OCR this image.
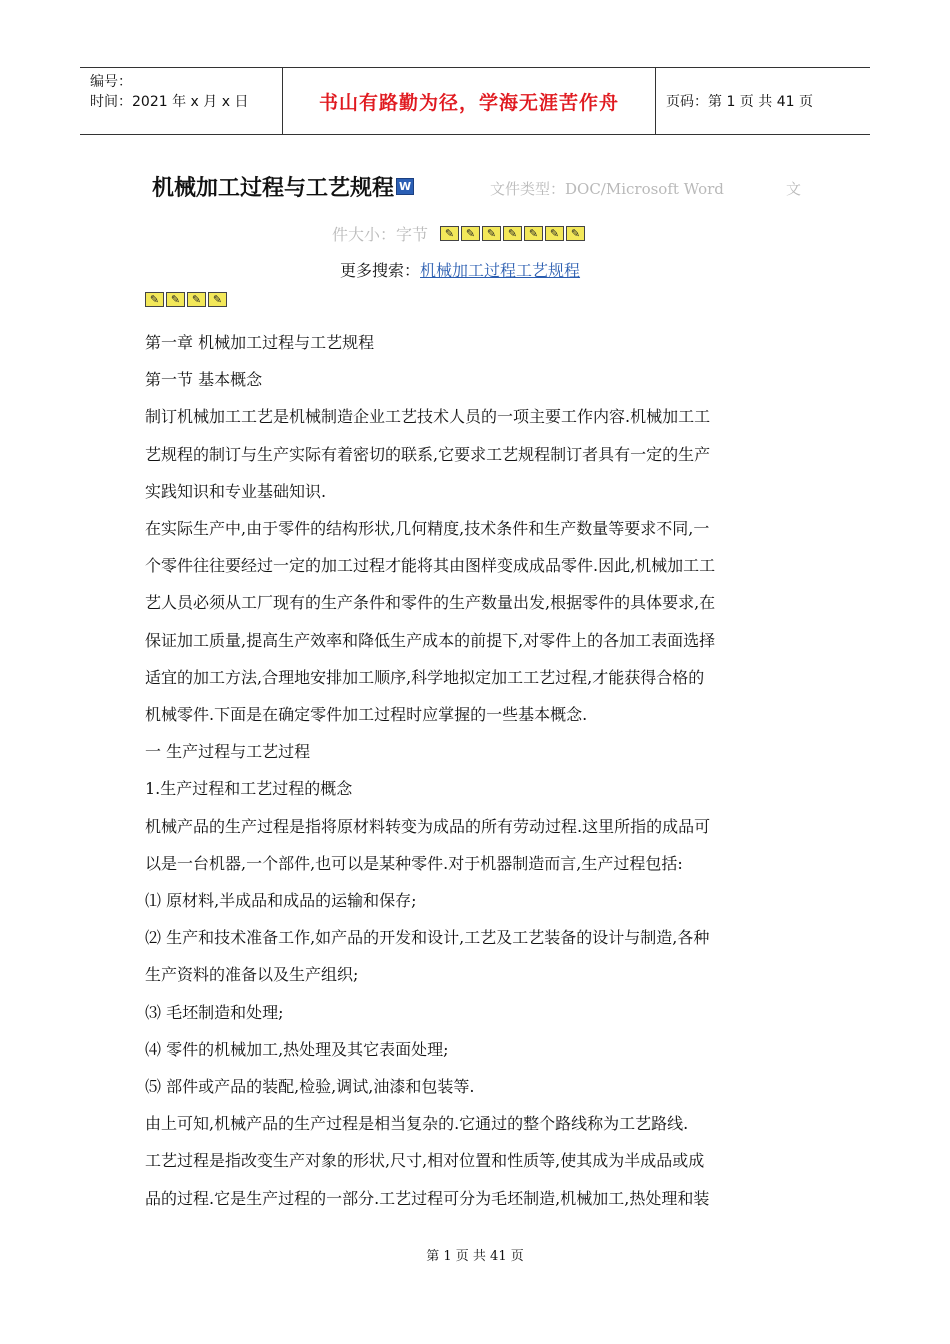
编号：
时间：2021 年 x 月 x 日	书山有路勤为径，学海无涯苦作舟	页码：第 1 页 共 41 页
机械加工过程与工艺规程 W	文件类型：DOC/Microsoft Word	文
件大小：字节	✎	✎	✎	✎	✎	✎	✎
更多搜索：机械加工过程工艺规程
✎	✎	✎	✎

第一章 机械加工过程与工艺规程

第一节 基本概念

制订机械加工工艺是机械制造企业工艺技术人员的一项主要工作内容.机械加工工

艺规程的制订与生产实际有着密切的联系,它要求工艺规程制订者具有一定的生产

实践知识和专业基础知识.

在实际生产中,由于零件的结构形状,几何精度,技术条件和生产数量等要求不同,一

个零件往往要经过一定的加工过程才能将其由图样变成成品零件.因此,机械加工工

艺人员必须从工厂现有的生产条件和零件的生产数量出发,根据零件的具体要求,在

保证加工质量,提高生产效率和降低生产成本的前提下,对零件上的各加工表面选择

适宜的加工方法,合理地安排加工顺序,科学地拟定加工工艺过程,才能获得合格的

机械零件.下面是在确定零件加工过程时应掌握的一些基本概念.

一 生产过程与工艺过程

1.生产过程和工艺过程的概念

机械产品的生产过程是指将原材料转变为成品的所有劳动过程.这里所指的成品可

以是一台机器,一个部件,也可以是某种零件.对于机器制造而言,生产过程包括:

⑴ 原材料,半成品和成品的运输和保存;

⑵ 生产和技术准备工作,如产品的开发和设计,工艺及工艺装备的设计与制造,各种

生产资料的准备以及生产组织;

⑶ 毛坯制造和处理;

⑷ 零件的机械加工,热处理及其它表面处理;

⑸ 部件或产品的装配,检验,调试,油漆和包装等.

由上可知,机械产品的生产过程是相当复杂的.它通过的整个路线称为工艺路线.

工艺过程是指改变生产对象的形状,尺寸,相对位置和性质等,使其成为半成品或成

品的过程.它是生产过程的一部分.工艺过程可分为毛坯制造,机械加工,热处理和装

第 1 页 共 41 页
